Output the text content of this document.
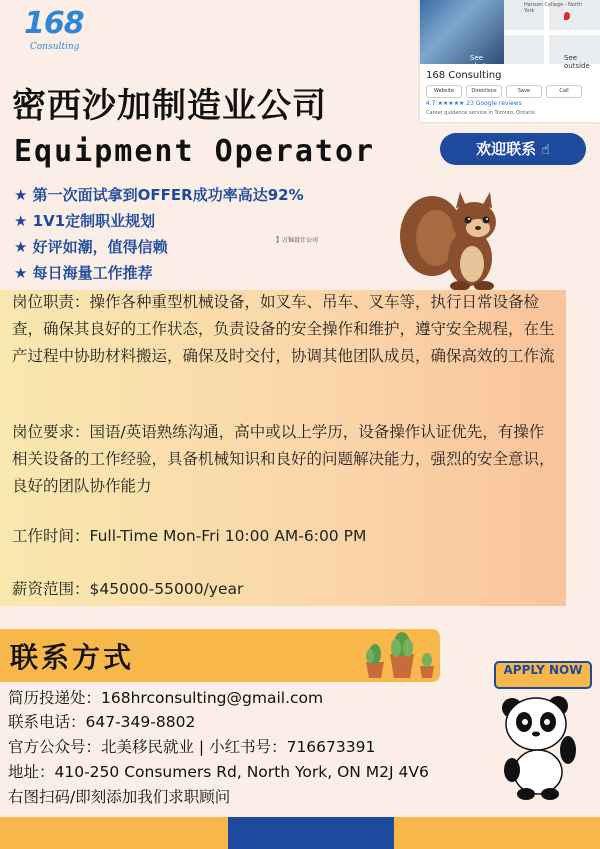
168
Consulting
See photos
Hanson College - North York
See outside
168 Consulting
Website	Directions	Save	Call
4.7 ★★★★★ 23 Google reviews
Career guidance service in Toronto, Ontario
密西沙加制造业公司
Equipment Operator	欢迎联系 ☝
★ 第一次面试拿到OFFER成功率高达92%
★ 1V1定制职业规划
★ 好评如潮，值得信赖
★ 每日海量工作推荐
】万锦设计公司
岗位职责：操作各种重型机械设备，如叉车、吊车、叉车等，执行日常设备检查，确保其良好的工作状态，负责设备的安全操作和维护，遵守安全规程，在生产过程中协助材料搬运，确保及时交付，协调其他团队成员，确保高效的工作流
岗位要求：国语/英语熟练沟通，高中或以上学历，设备操作认证优先，有操作相关设备的工作经验，具备机械知识和良好的问题解决能力，强烈的安全意识，良好的团队协作能力
工作时间：Full-Time Mon-Fri 10:00 AM-6:00 PM
薪资范围：$45000-55000/year
联系方式	APPLY NOW
简历投递处：168hrconsulting@gmail.com
联系电话：647-349-8802
官方公众号：北美移民就业 | 小红书号：716673391
地址：410-250 Consumers Rd, North York, ON M2J 4V6
右图扫码/即刻添加我们求职顾问
